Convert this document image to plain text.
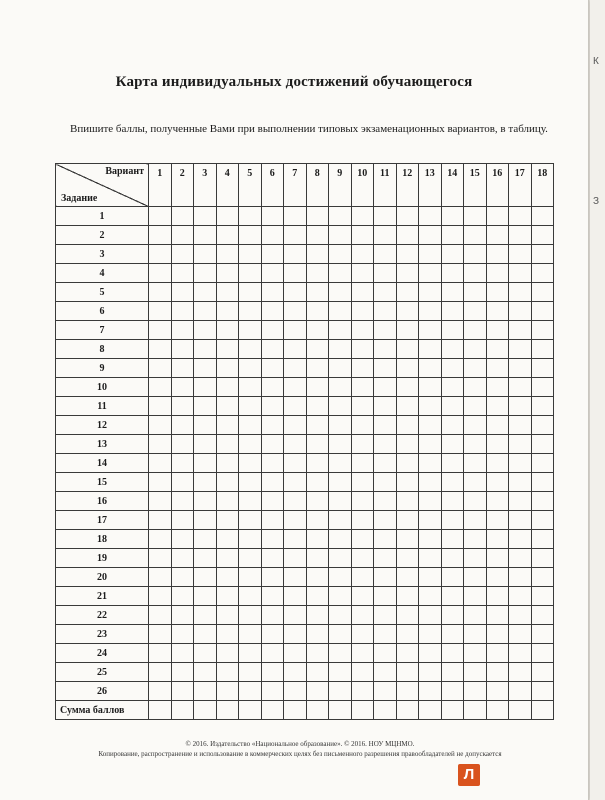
Карта индивидуальных достижений обучающегося
Впишите баллы, полученные Вами при выполнении типовых экзаменационных вариантов, в таблицу.
Вариант
Задание	1	2	3	4	5	6	7	8	9	10	11	12	13	14	15	16	17	18
1																		
2																		
3																		
4																		
5																		
6																		
7																		
8																		
9																		
10																		
11																		
12																		
13																		
14																		
15																		
16																		
17																		
18																		
19																		
20																		
21																		
22																		
23																		
24																		
25																		
26																		
Сумма баллов																		
© 2016. Издательство «Национальное образование». © 2016. НОУ МЦНМО.
Копирование, распространение и использование в коммерческих целях без письменного разрешения правообладателей не допускается
Л
К
З
